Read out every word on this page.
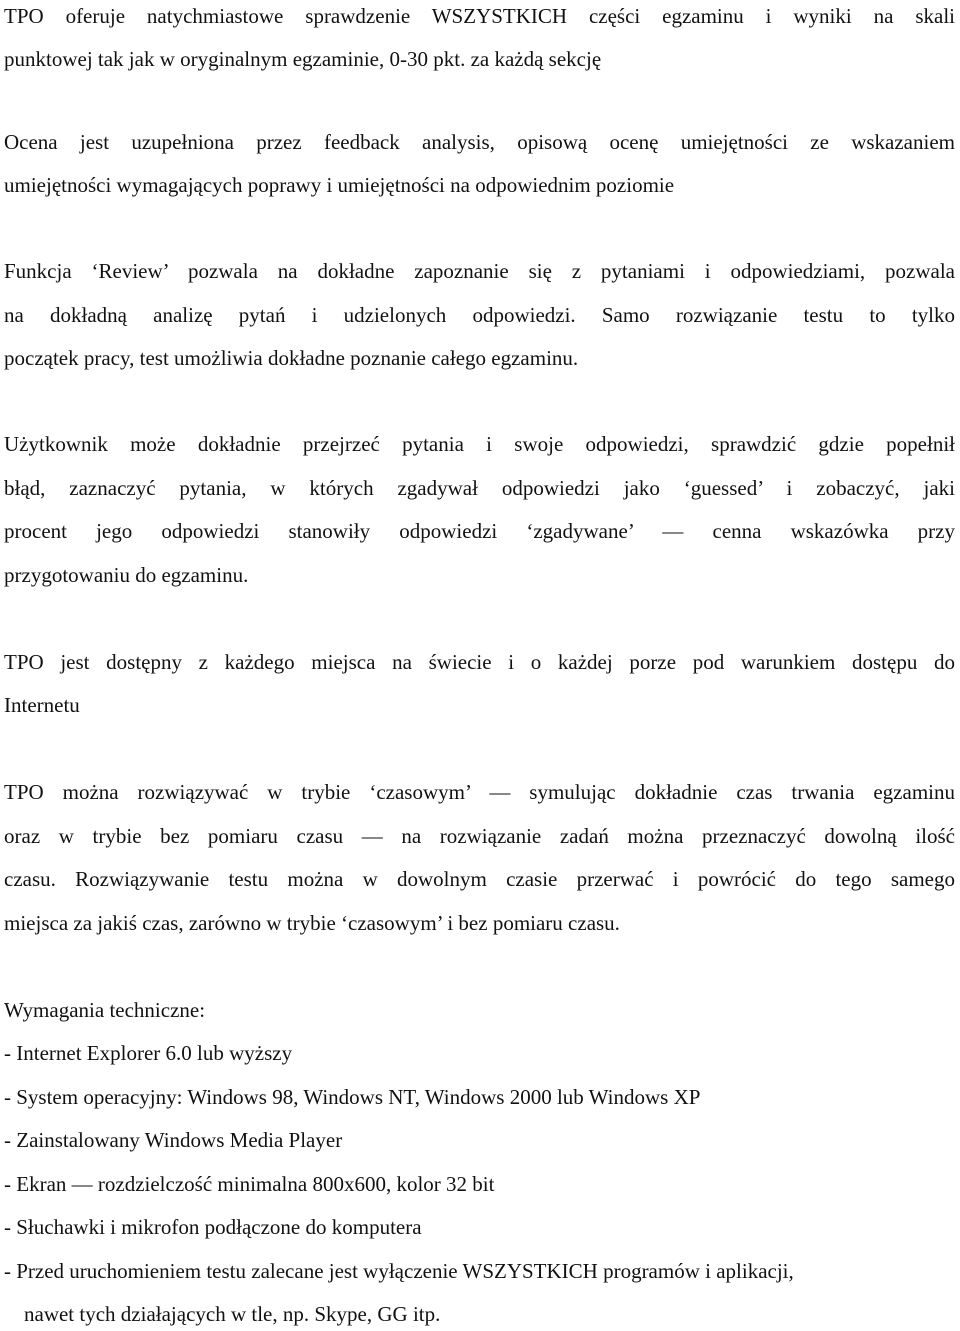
TPO oferuje natychmiastowe sprawdzenie WSZYSTKICH części egzaminu i wyniki na skali

punktowej tak jak w oryginalnym egzaminie, 0-30 pkt. za każdą sekcję

Ocena jest uzupełniona przez feedback analysis, opisową ocenę umiejętności ze wskazaniem

umiejętności wymagających poprawy i umiejętności na odpowiednim poziomie

Funkcja ‘Review’ pozwala na dokładne zapoznanie się z pytaniami i odpowiedziami, pozwala

na dokładną analizę pytań i udzielonych odpowiedzi. Samo rozwiązanie testu to tylko

początek pracy, test umożliwia dokładne poznanie całego egzaminu.

Użytkownik może dokładnie przejrzeć pytania i swoje odpowiedzi, sprawdzić gdzie popełnił

błąd, zaznaczyć pytania, w których zgadywał odpowiedzi jako ‘guessed’ i zobaczyć, jaki

procent jego odpowiedzi stanowiły odpowiedzi ‘zgadywane’ — cenna wskazówka przy

przygotowaniu do egzaminu.

TPO jest dostępny z każdego miejsca na świecie i o każdej porze pod warunkiem dostępu do

Internetu

TPO można rozwiązywać w trybie ‘czasowym’ — symulując dokładnie czas trwania egzaminu

oraz w trybie bez pomiaru czasu — na rozwiązanie zadań można przeznaczyć dowolną ilość

czasu. Rozwiązywanie testu można w dowolnym czasie przerwać i powrócić do tego samego

miejsca za jakiś czas, zarówno w trybie ‘czasowym’ i bez pomiaru czasu.

Wymagania techniczne:

- Internet Explorer 6.0 lub wyższy

- System operacyjny: Windows 98, Windows NT, Windows 2000 lub Windows XP

- Zainstalowany Windows Media Player

- Ekran — rozdzielczość minimalna 800x600, kolor 32 bit

- Słuchawki i mikrofon podłączone do komputera

- Przed uruchomieniem testu zalecane jest wyłączenie WSZYSTKICH programów i aplikacji,

nawet tych działających w tle, np. Skype, GG itp.
